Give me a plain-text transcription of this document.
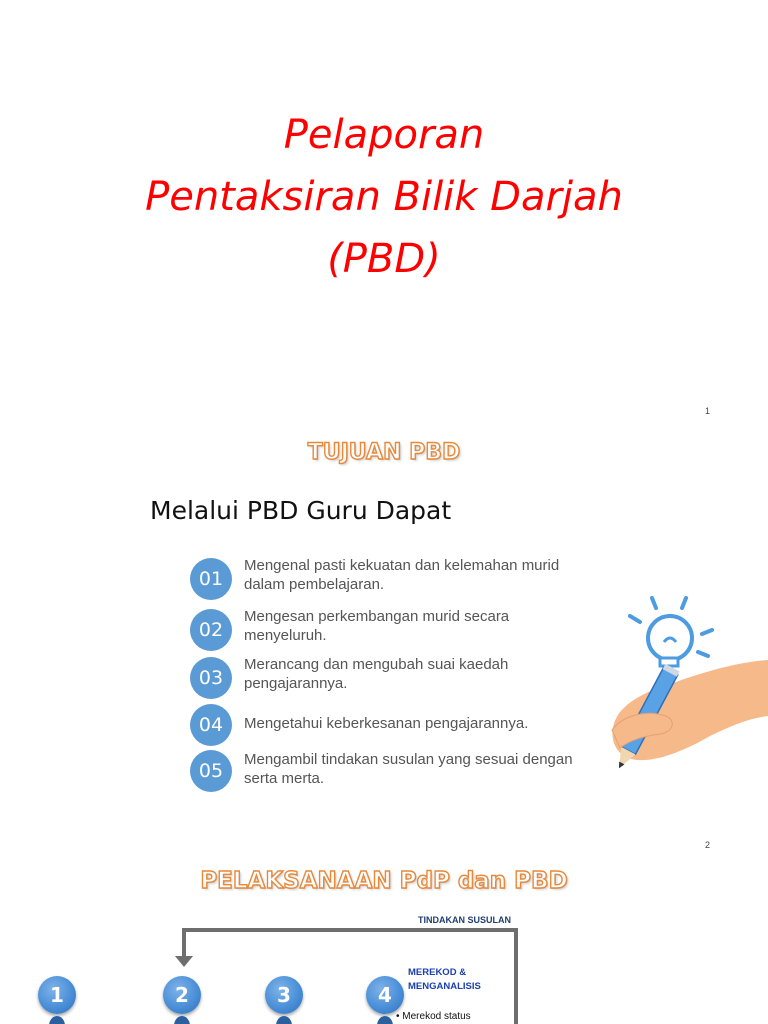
Pelaporan
Pentaksiran Bilik Darjah
(PBD)
1
TUJUAN PBD
Melalui PBD Guru Dapat
01
Mengenal pasti kekuatan dan kelemahan murid dalam pembelajaran.
02
Mengesan perkembangan murid secara menyeluruh.
03
Merancang dan mengubah suai kaedah pengajarannya.
04	Mengetahui keberkesanan pengajarannya.
05
Mengambil tindakan susulan yang sesuai dengan serta merta.
2
PELAKSANAAN PdP dan PBD
TINDAKAN SUSULAN
1	2	3	4
MEREKOD & MENGANALISIS
• Merekod status
